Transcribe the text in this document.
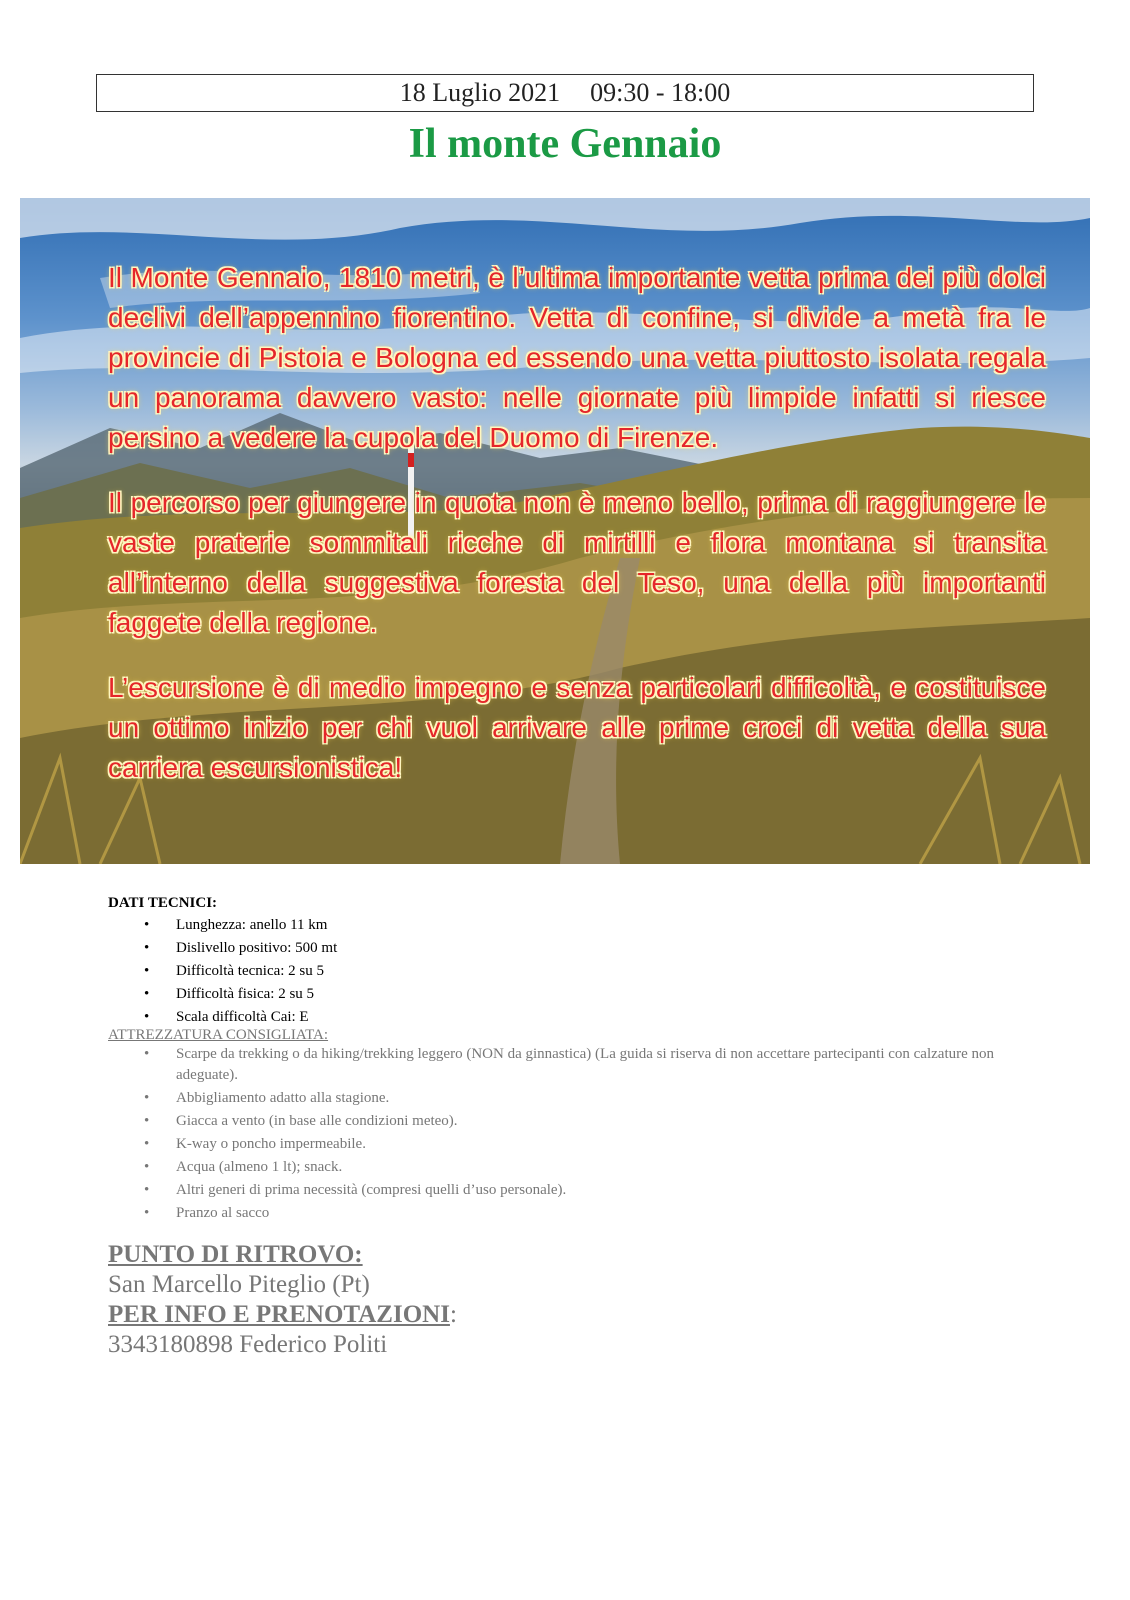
18 Luglio 2021 09:30 - 18:00
Il monte Gennaio

Il Monte Gennaio, 1810 metri, è l’ultima importante vetta prima dei più dolci declivi dell’appennino fiorentino. Vetta di confine, si divide a metà fra le provincie di Pistoia e Bologna ed essendo una vetta piuttosto isolata regala un panorama davvero vasto: nelle giornate più limpide infatti si riesce persino a vedere la cupola del Duomo di Firenze.

Il percorso per giungere in quota non è meno bello, prima di raggiungere le vaste praterie sommitali ricche di mirtilli e flora montana si transita all’interno della suggestiva foresta del Teso, una della più importanti faggete della regione.

L’escursione è di medio impegno e senza particolari difficoltà, e costituisce un ottimo inizio per chi vuol arrivare alle prime croci di vetta della sua carriera escursionistica!

DATI TECNICI:
• Lunghezza: anello 11 km
• Dislivello positivo: 500 mt
• Difficoltà tecnica: 2 su 5
• Difficoltà fisica: 2 su 5
• Scala difficoltà Cai: E
ATTREZZATURA CONSIGLIATA:
• Scarpe da trekking o da hiking/trekking leggero (NON da ginnastica) (La guida si riserva di non accettare partecipanti con calzature non adeguate).
• Abbigliamento adatto alla stagione.
• Giacca a vento (in base alle condizioni meteo).
• K-way o poncho impermeabile.
• Acqua (almeno 1 lt); snack.
• Altri generi di prima necessità (compresi quelli d’uso personale).
• Pranzo al sacco
PUNTO DI RITROVO:
San Marcello Piteglio (Pt)
PER INFO E PRENOTAZIONI:
3343180898 Federico Politi
